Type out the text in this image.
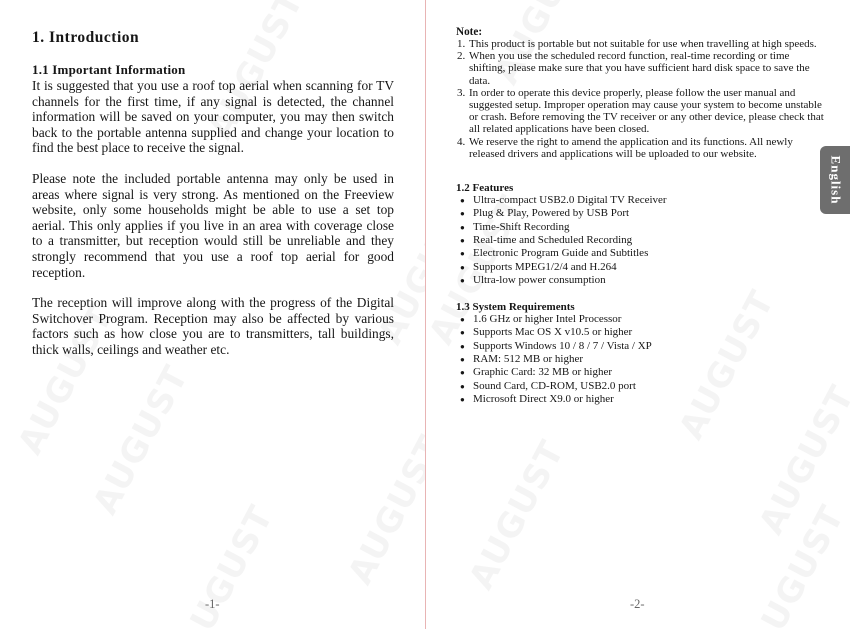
1. Introduction
1.1 Important Information

It is suggested that you use a roof top aerial when scanning for TV channels for the first time, if any signal is detected, the channel information will be saved on your computer, you may then switch back to the portable antenna supplied and change your location to find the best place to receive the signal.

Please note the included portable antenna may only be used in areas where signal is very strong. As mentioned on the Freeview website, only some households might be able to use a set top aerial. This only applies if you live in an area with coverage close to a transmitter, but reception would still be unreliable and they strongly recommend that you use a roof top aerial for good reception.

The reception will improve along with the progress of the Digital Switchover Program. Reception may also be affected by various factors such as how close you are to transmitters, tall buildings, thick walls, ceilings and weather etc.

-1-
Note:
1. This product is portable but not suitable for use when travelling at high speeds.
2. When you use the scheduled record function, real-time recording or time shifting, please make sure that you have sufficient hard disk space to save the data.
3. In order to operate this device properly, please follow the user manual and suggested setup. Improper operation may cause your system to become unstable or crash. Before removing the TV receiver or any other device, please check that all related applications have been closed.
4. We reserve the right to amend the application and its functions. All newly released drivers and applications will be uploaded to our website.
1.2 Features
● Ultra-compact USB2.0 Digital TV Receiver
● Plug & Play, Powered by USB Port
● Time-Shift Recording
● Real-time and Scheduled Recording
● Electronic Program Guide and Subtitles
● Supports MPEG1/2/4 and H.264
● Ultra-low power consumption
1.3 System Requirements
● 1.6 GHz or higher Intel Processor
● Supports Mac OS X v10.5 or higher
● Supports Windows 10 / 8 / 7 / Vista / XP
● RAM: 512 MB or higher
● Graphic Card: 32 MB or higher
● Sound Card, CD-ROM, USB2.0 port
● Microsoft Direct X9.0 or higher
English
-2-
